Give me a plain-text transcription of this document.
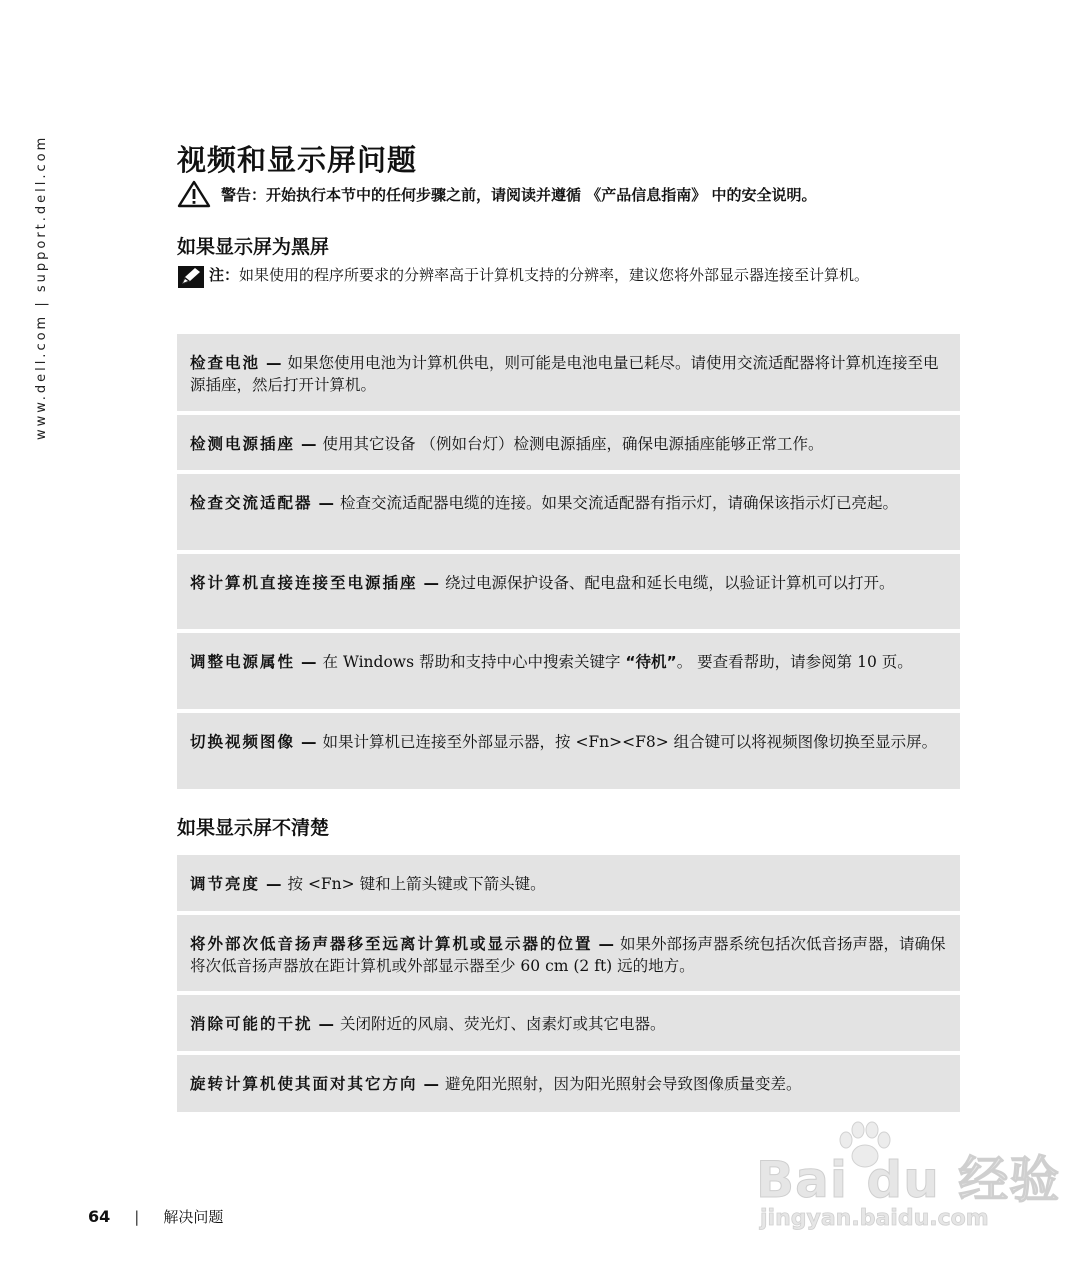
www.dell.com | support.dell.com	视频和显示屏问题
警告：开始执行本节中的任何步骤之前，请阅读并遵循 《产品信息指南》 中的安全说明。
如果显示屏为黑屏
注：如果使用的程序所要求的分辨率高于计算机支持的分辨率，建议您将外部显示器连接至计算机。
检查电池 — 如果您使用电池为计算机供电，则可能是电池电量已耗尽。请使用交流适配器将计算机连接至电源插座，然后打开计算机。
检测电源插座 — 使用其它设备 （例如台灯）检测电源插座，确保电源插座能够正常工作。
检查交流适配器 — 检查交流适配器电缆的连接。如果交流适配器有指示灯，请确保该指示灯已亮起。
将计算机直接连接至电源插座 — 绕过电源保护设备、配电盘和延长电缆，以验证计算机可以打开。
调整电源属性 — 在 Windows 帮助和支持中心中搜索关键字 “待机”。 要查看帮助，请参阅第 10 页。
切换视频图像 — 如果计算机已连接至外部显示器，按 <Fn><F8> 组合键可以将视频图像切换至显示屏。
如果显示屏不清楚
调节亮度 — 按 <Fn> 键和上箭头键或下箭头键。
将外部次低音扬声器移至远离计算机或显示器的位置 — 如果外部扬声器系统包括次低音扬声器，请确保将次低音扬声器放在距计算机或外部显示器至少 60 cm (2 ft) 远的地方。
消除可能的干扰 — 关闭附近的风扇、荧光灯、卤素灯或其它电器。
旋转计算机使其面对其它方向 — 避免阳光照射，因为阳光照射会导致图像质量变差。
64 | 解决问题
Bai du 经验
jingyan.baidu.com
